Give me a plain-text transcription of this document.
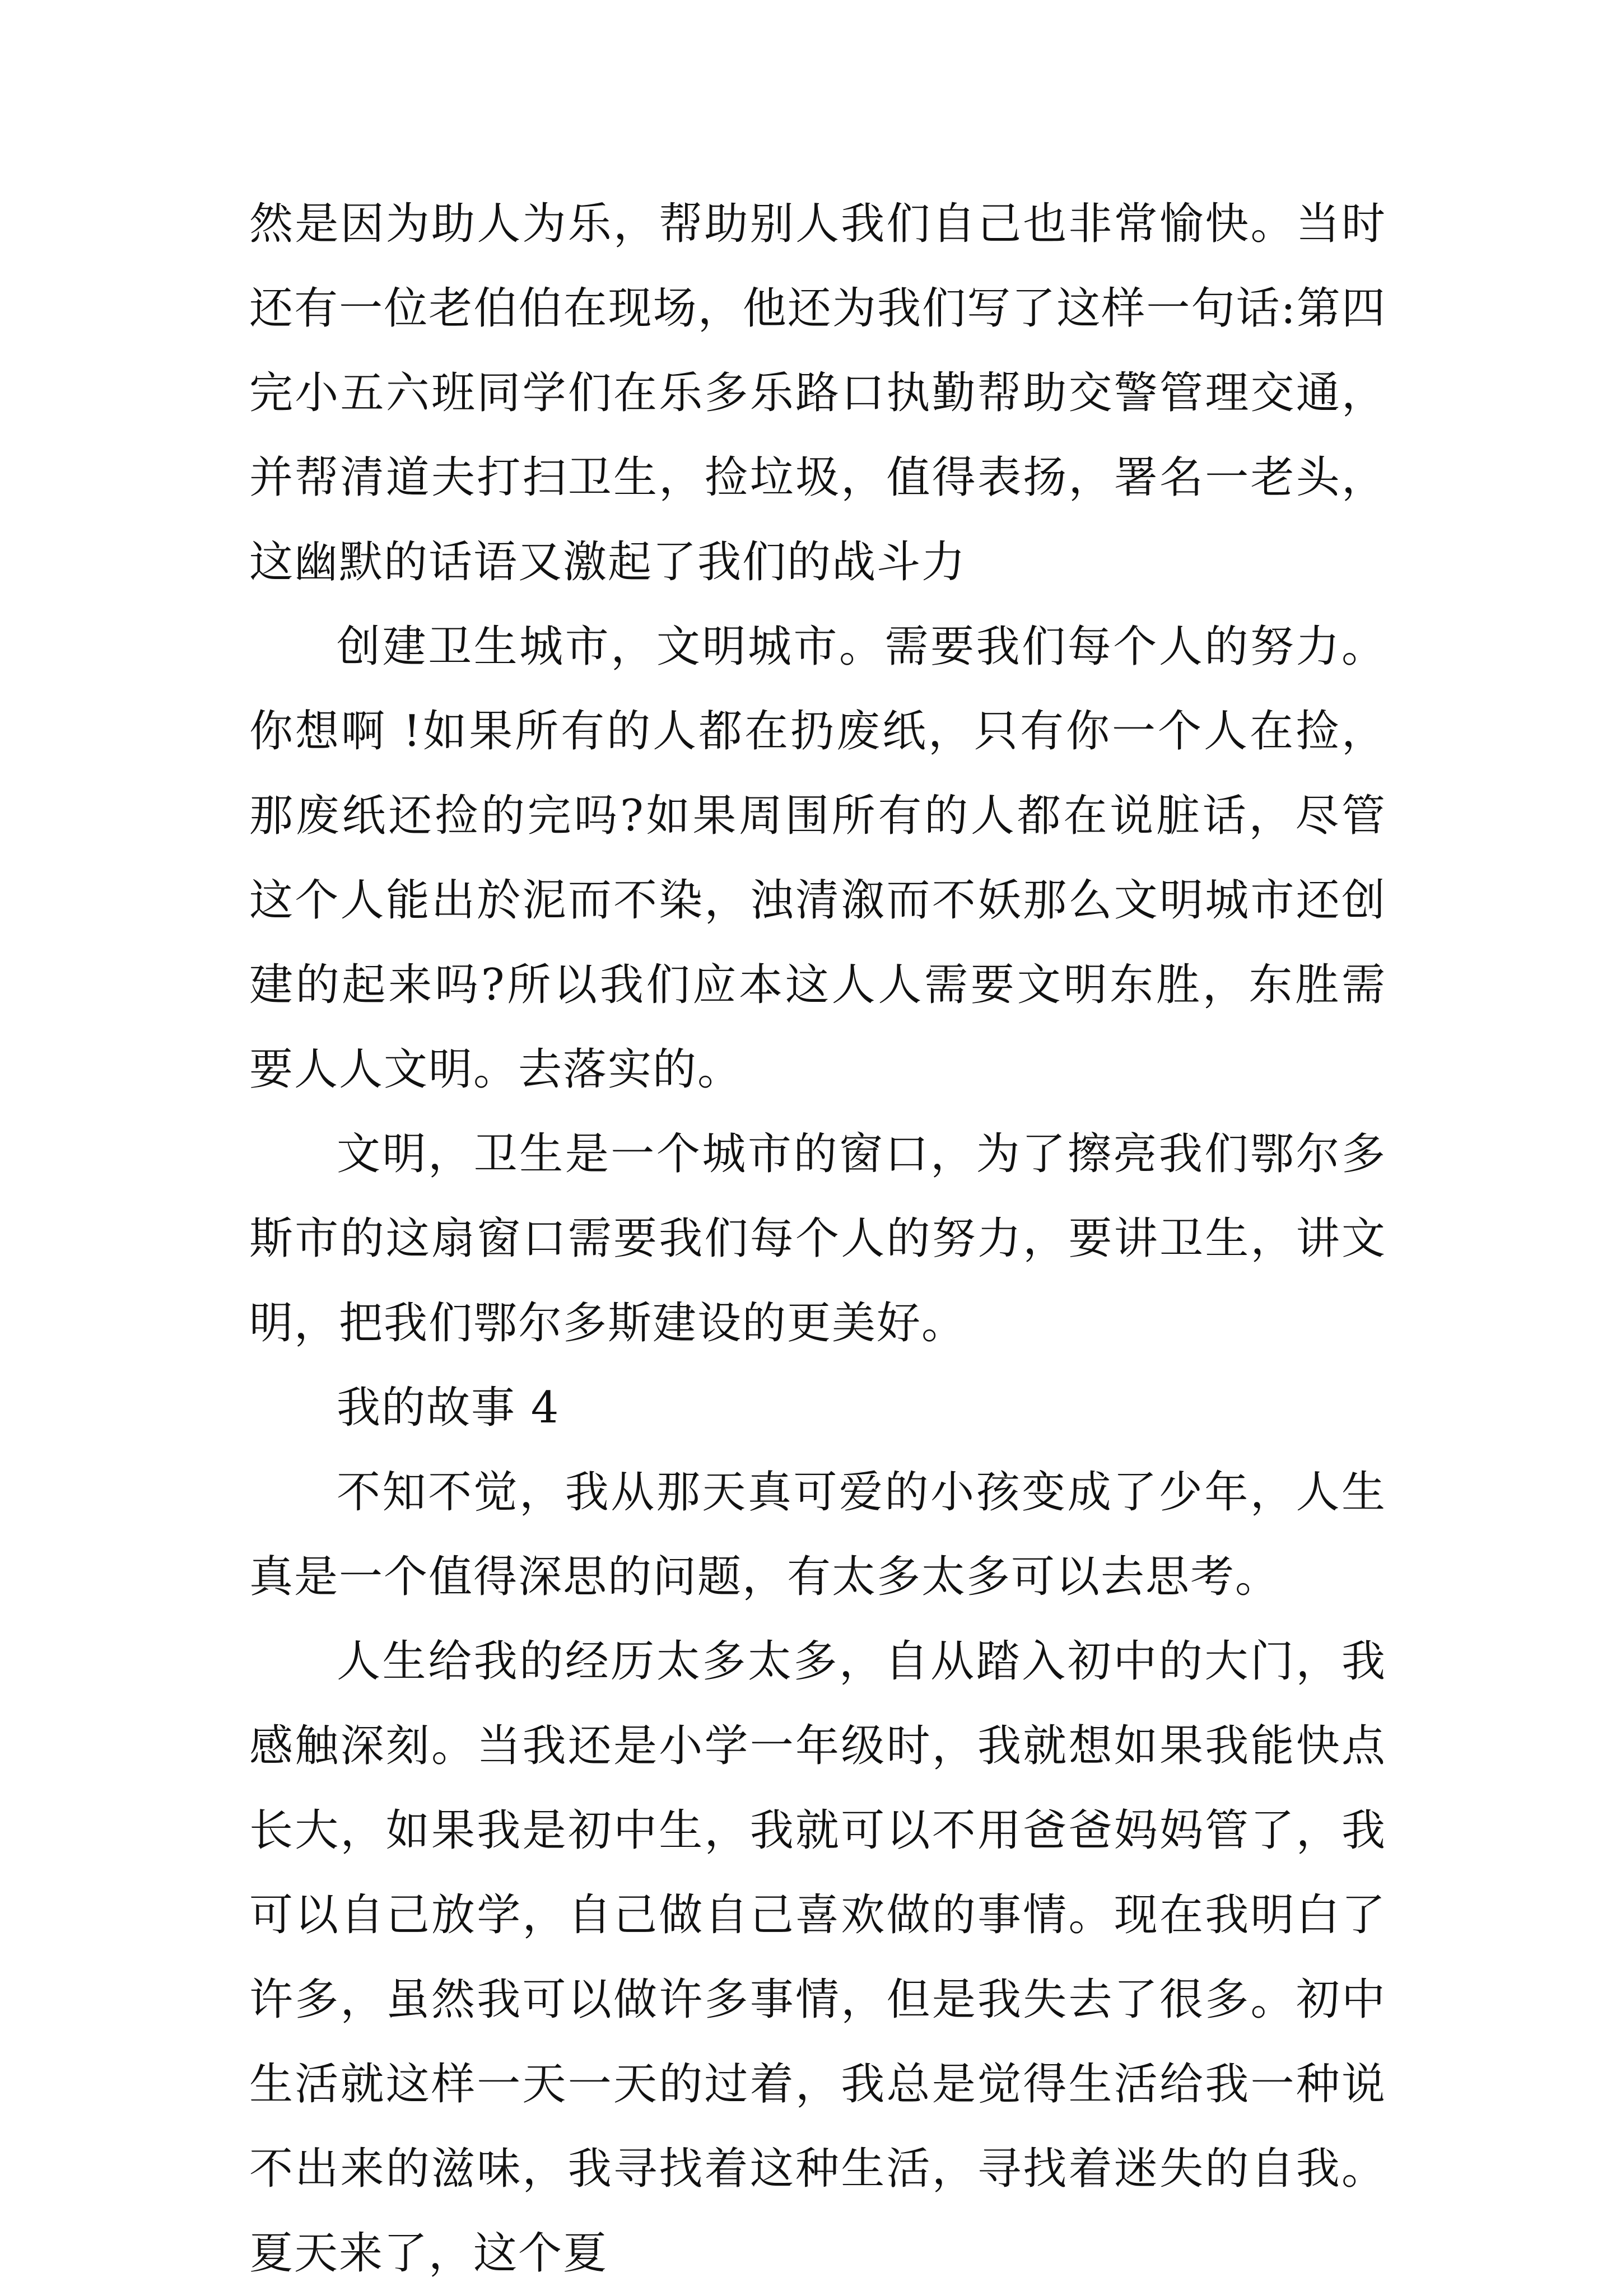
然是因为助人为乐，帮助别人我们自己也非常愉快。当时还有一位老伯伯在现场，他还为我们写了这样一句话:第四完小五六班同学们在乐多乐路口执勤帮助交警管理交通，并帮清道夫打扫卫生，捡垃圾，值得表扬，署名一老头，这幽默的话语又激起了我们的战斗力

创建卫生城市，文明城市。需要我们每个人的努力。你想啊 !如果所有的人都在扔废纸，只有你一个人在捡，那废纸还捡的完吗?如果周围所有的人都在说脏话，尽管这个人能出於泥而不染，浊清溆而不妖那么文明城市还创建的起来吗?所以我们应本这人人需要文明东胜，东胜需要人人文明。去落实的。

文明，卫生是一个城市的窗口，为了擦亮我们鄂尔多斯市的这扇窗口需要我们每个人的努力，要讲卫生，讲文明，把我们鄂尔多斯建设的更美好。

我的故事 4

不知不觉，我从那天真可爱的小孩变成了少年，人生真是一个值得深思的问题，有太多太多可以去思考。

人生给我的经历太多太多，自从踏入初中的大门，我感触深刻。当我还是小学一年级时，我就想如果我能快点长大，如果我是初中生，我就可以不用爸爸妈妈管了，我可以自己放学，自己做自己喜欢做的事情。现在我明白了许多，虽然我可以做许多事情，但是我失去了很多。初中生活就这样一天一天的过着，我总是觉得生活给我一种说不出来的滋味，我寻找着这种生活，寻找着迷失的自我。夏天来了，这个夏
